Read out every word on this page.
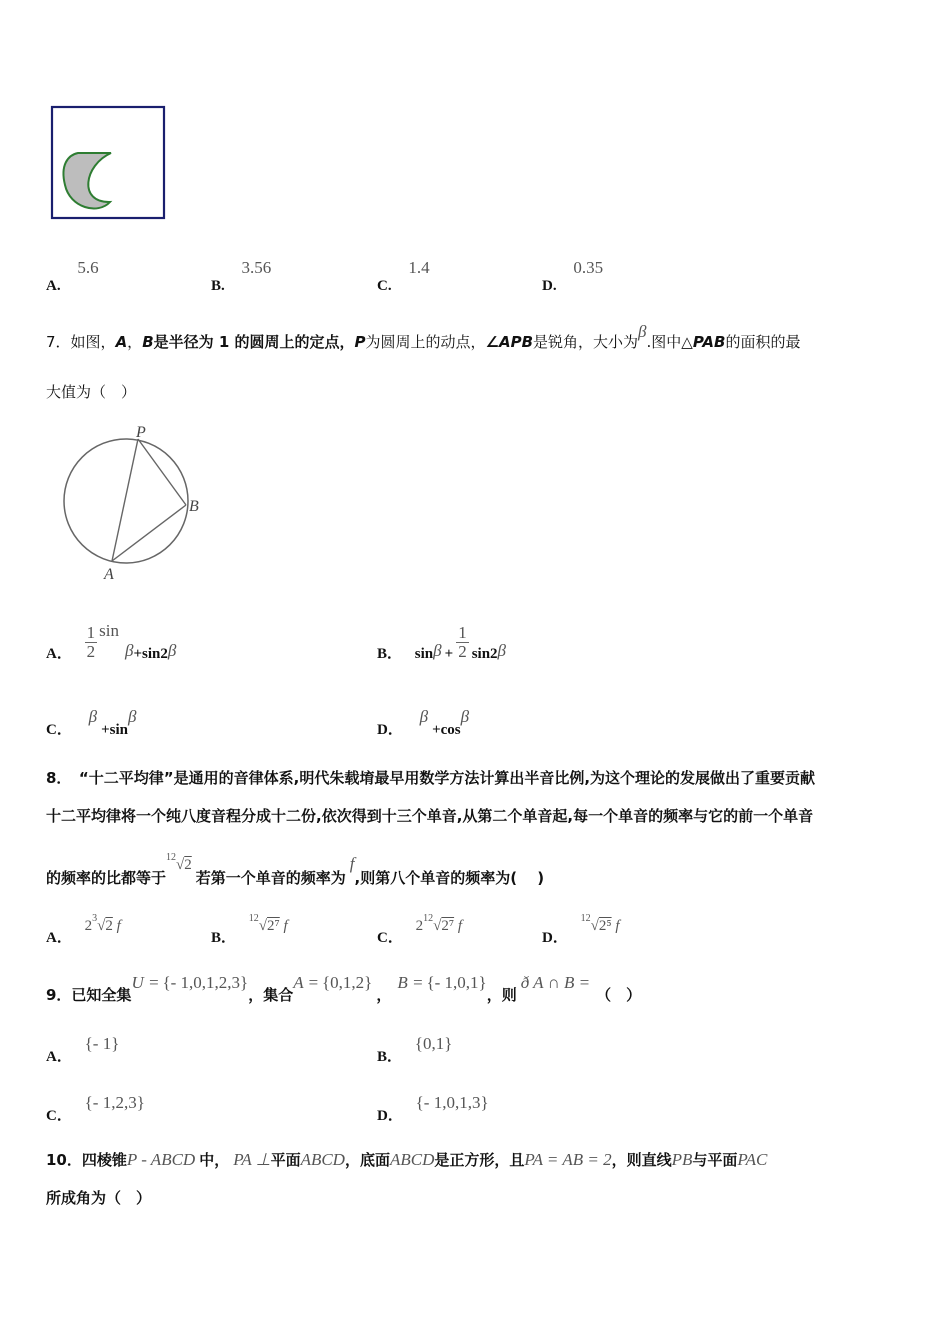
A. 5.6
B. 3.56
C. 1.4
D. 0.35
7．如图，A，B是半径为 1 的圆周上的定点，P为圆周上的动点，∠APB是锐角，大小为β.图中△PAB的面积的最
大值为（　）
P
B
A
A． $\frac{1}{2} \sin\beta+\sin 2\beta$	B． $\sin\beta + \frac{1}{2} \sin 2\beta$
C． β+sinβ
D． β+cosβ
8．　“十二平均律”是通用的音律体系,明代朱载堉最早用数学方法计算出半音比例,为这个理论的发展做出了重要贡献
十二平均律将一个纯八度音程分成十二份,依次得到十三个单音,从第二个单音起,每一个单音的频率与它的前一个单音
的频率的比都等于$^{12}$√2若第一个单音的频率为f,则第八个单音的频率为(　 )
A． $2^3√2$ f
B． $^{12}$√2⁷ f
C． $2^{12}√2^7$ f
D． $^{12}$√2⁵ f
9．已知全集U = {- 1,0,1,2,3}，集合A = {0,1,2}，B = {- 1,0,1}，则ð A ∩ B =（　）
A． {- 1}
B． {0,1}
C． {- 1,2,3}
D． {- 1,0,1,3}
10．四棱锥P - ABCD 中， PA ⊥平面ABCD，底面ABCD是正方形，且PA = AB = 2，则直线PB与平面PAC
所成角为（　）
